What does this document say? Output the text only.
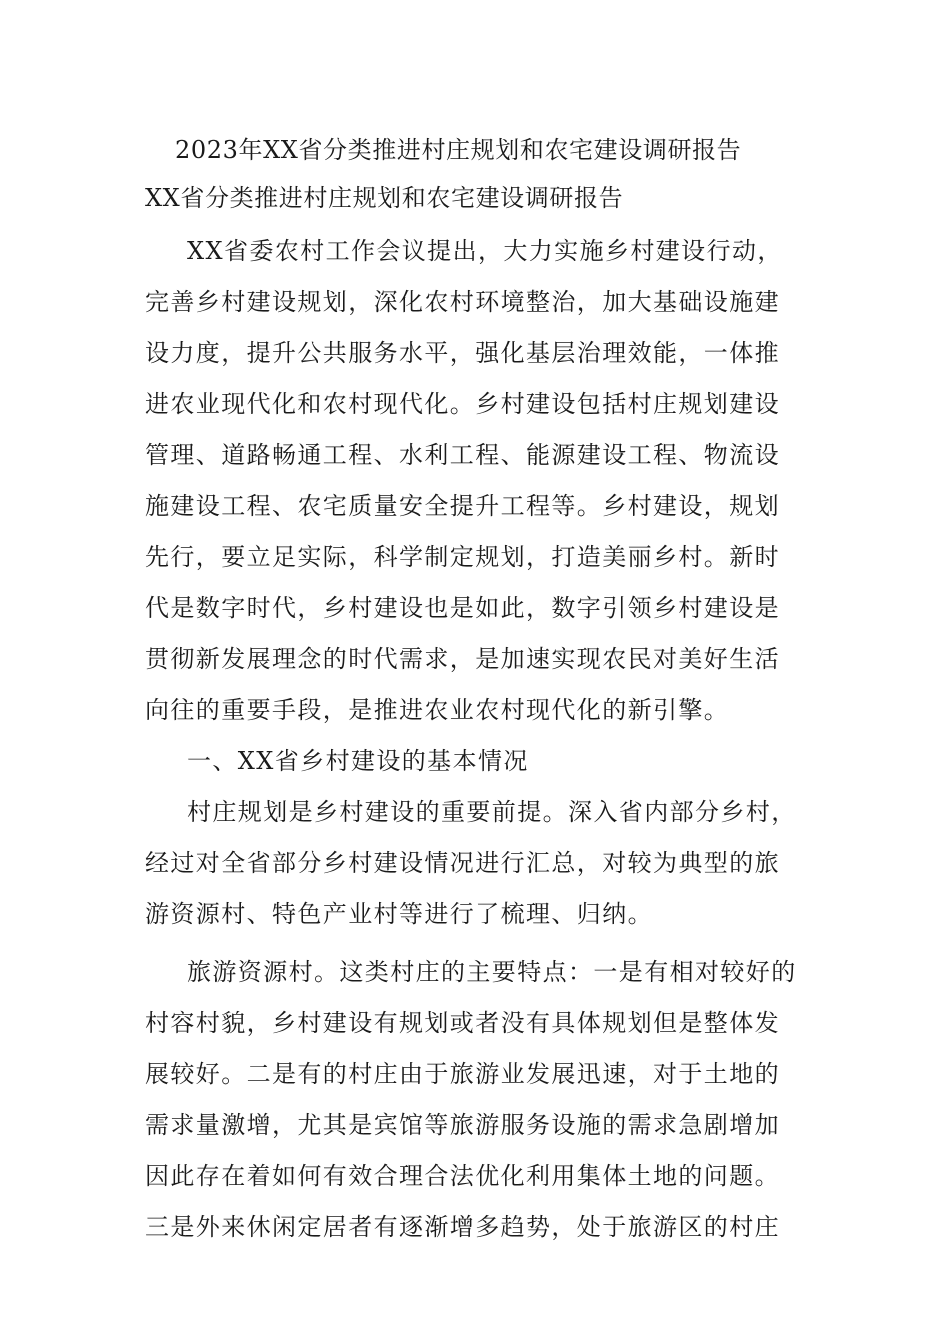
2023年XX省分类推进村庄规划和农宅建设调研报告
XX省分类推进村庄规划和农宅建设调研报告

XX省委农村工作会议提出，大力实施乡村建设行动，

完善乡村建设规划，深化农村环境整治，加大基础设施建

设力度，提升公共服务水平，强化基层治理效能，一体推

进农业现代化和农村现代化。乡村建设包括村庄规划建设

管理、道路畅通工程、水利工程、能源建设工程、物流设

施建设工程、农宅质量安全提升工程等。乡村建设，规划

先行，要立足实际，科学制定规划，打造美丽乡村。新时

代是数字时代，乡村建设也是如此，数字引领乡村建设是

贯彻新发展理念的时代需求，是加速实现农民对美好生活

向往的重要手段，是推进农业农村现代化的新引擎。

一、XX省乡村建设的基本情况

村庄规划是乡村建设的重要前提。深入省内部分乡村，

经过对全省部分乡村建设情况进行汇总，对较为典型的旅

游资源村、特色产业村等进行了梳理、归纳。

旅游资源村。这类村庄的主要特点：一是有相对较好的

村容村貌，乡村建设有规划或者没有具体规划但是整体发

展较好。二是有的村庄由于旅游业发展迅速，对于土地的

需求量激增，尤其是宾馆等旅游服务设施的需求急剧增加

因此存在着如何有效合理合法优化利用集体土地的问题。

三是外来休闲定居者有逐渐增多趋势，处于旅游区的村庄
